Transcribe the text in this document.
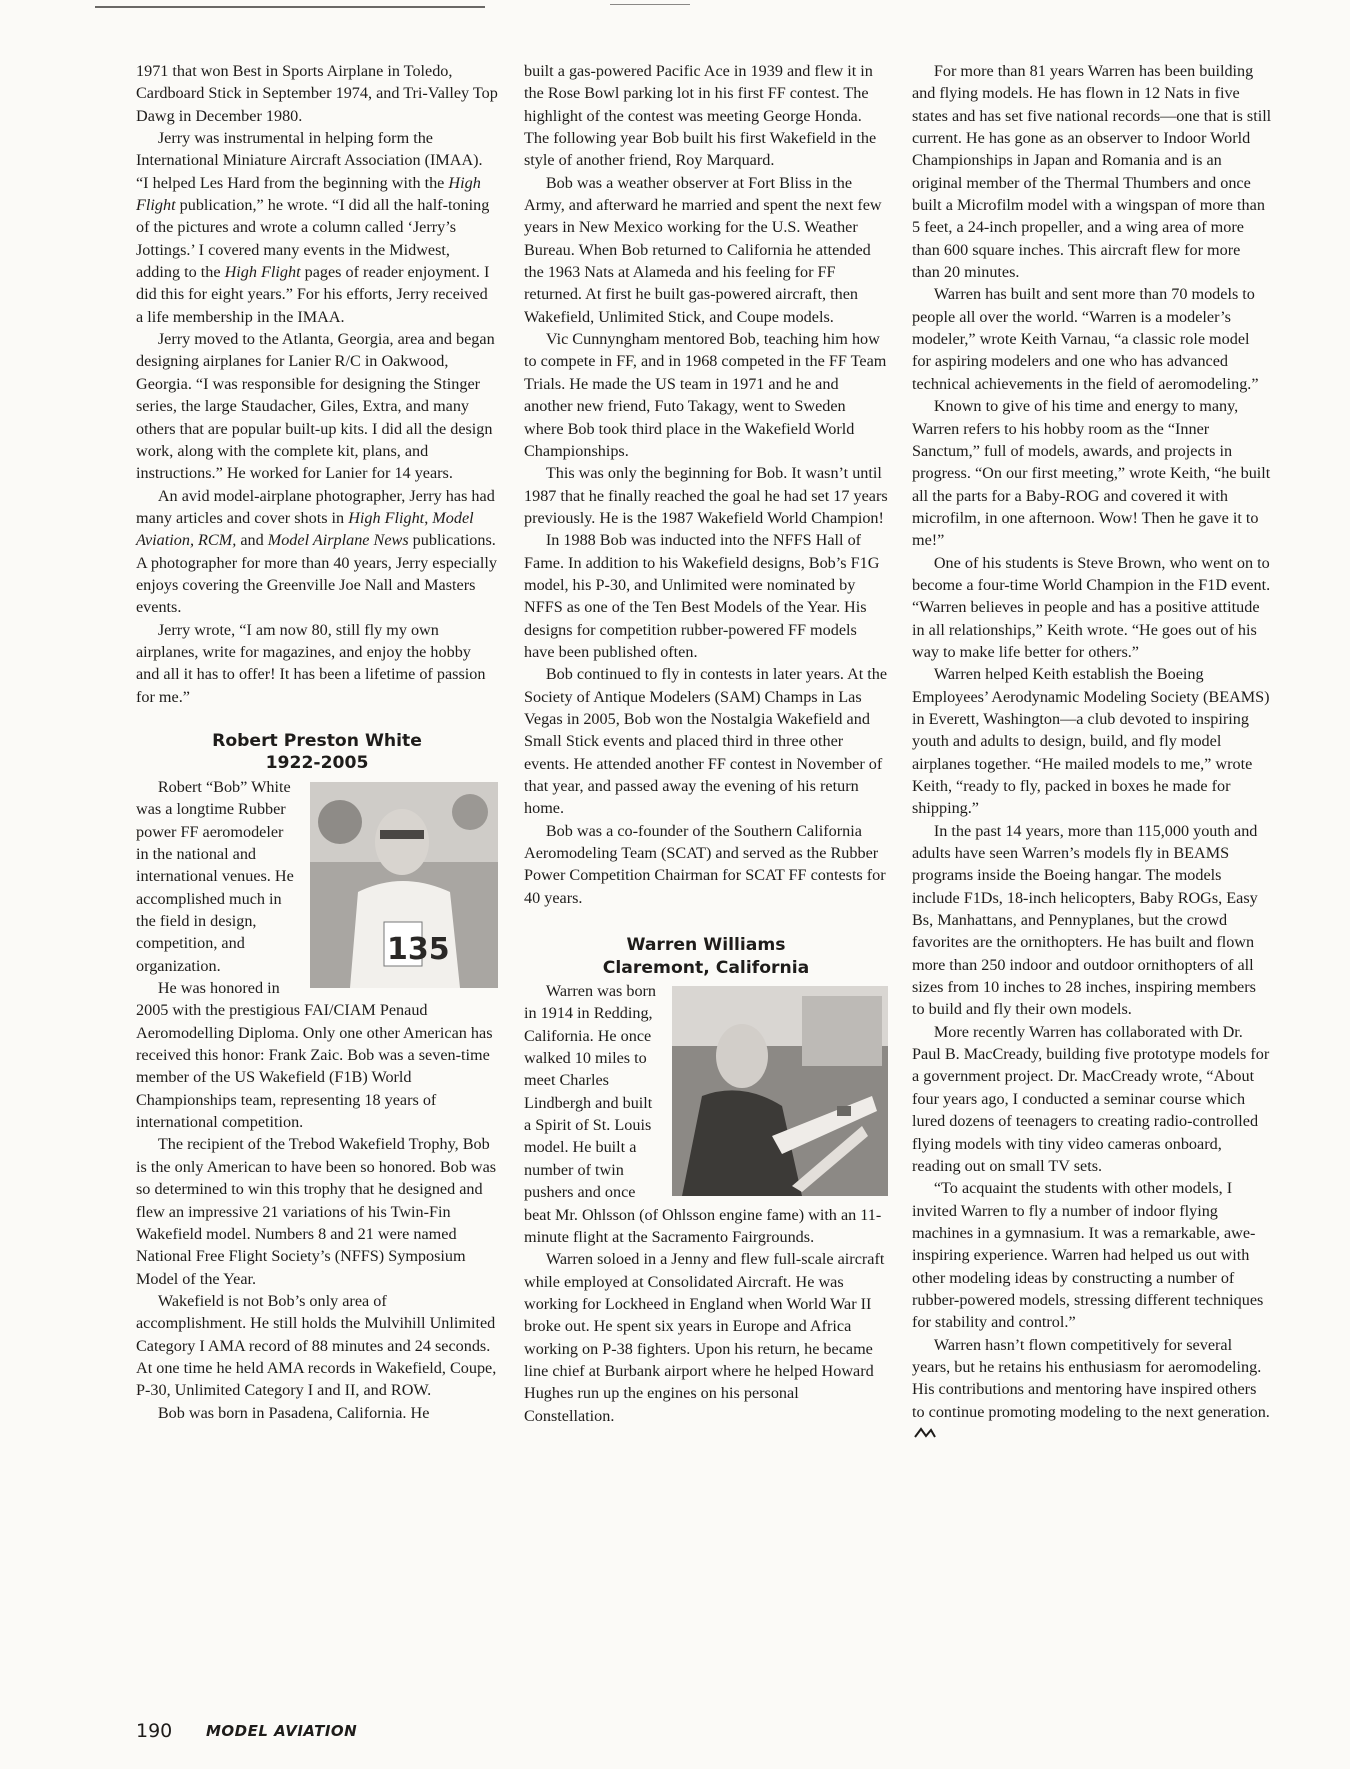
1971 that won Best in Sports Airplane in Toledo, Cardboard Stick in September 1974, and Tri-Valley Top Dawg in December 1980.

Jerry was instrumental in helping form the International Miniature Aircraft Association (IMAA). “I helped Les Hard from the beginning with the High Flight publication,” he wrote. “I did all the half-toning of the pictures and wrote a column called ‘Jerry’s Jottings.’ I covered many events in the Midwest, adding to the High Flight pages of reader enjoyment. I did this for eight years.” For his efforts, Jerry received a life membership in the IMAA.

Jerry moved to the Atlanta, Georgia, area and began designing airplanes for Lanier R/C in Oakwood, Georgia. “I was responsible for designing the Stinger series, the large Staudacher, Giles, Extra, and many others that are popular built-up kits. I did all the design work, along with the complete kit, plans, and instructions.” He worked for Lanier for 14 years.

An avid model-airplane photographer, Jerry has had many articles and cover shots in High Flight, Model Aviation, RCM, and Model Airplane News publications. A photographer for more than 40 years, Jerry especially enjoys covering the Greenville Joe Nall and Masters events.

Jerry wrote, “I am now 80, still fly my own airplanes, write for magazines, and enjoy the hobby and all it has to offer! It has been a lifetime of passion for me.”

Robert Preston White
1922-2005
135

Robert “Bob” White was a longtime Rubber power FF aeromodeler in the national and international venues. He accomplished much in the field in design, competition, and organization.

He was honored in 2005 with the prestigious FAI/CIAM Penaud Aeromodelling Diploma. Only one other American has received this honor: Frank Zaic. Bob was a seven-time member of the US Wakefield (F1B) World Championships team, representing 18 years of international competition.

The recipient of the Trebod Wakefield Trophy, Bob is the only American to have been so honored. Bob was so determined to win this trophy that he designed and flew an impressive 21 variations of his Twin-Fin Wakefield model. Numbers 8 and 21 were named National Free Flight Society’s (NFFS) Symposium Model of the Year.

Wakefield is not Bob’s only area of accomplishment. He still holds the Mulvihill Unlimited Category I AMA record of 88 minutes and 24 seconds. At one time he held AMA records in Wakefield, Coupe, P-30, Unlimited Category I and II, and ROW.

Bob was born in Pasadena, California. He

built a gas-powered Pacific Ace in 1939 and flew it in the Rose Bowl parking lot in his first FF contest. The highlight of the contest was meeting George Honda. The following year Bob built his first Wakefield in the style of another friend, Roy Marquard.

Bob was a weather observer at Fort Bliss in the Army, and afterward he married and spent the next few years in New Mexico working for the U.S. Weather Bureau. When Bob returned to California he attended the 1963 Nats at Alameda and his feeling for FF returned. At first he built gas-powered aircraft, then Wakefield, Unlimited Stick, and Coupe models.

Vic Cunnyngham mentored Bob, teaching him how to compete in FF, and in 1968 competed in the FF Team Trials. He made the US team in 1971 and he and another new friend, Futo Takagy, went to Sweden where Bob took third place in the Wakefield World Championships.

This was only the beginning for Bob. It wasn’t until 1987 that he finally reached the goal he had set 17 years previously. He is the 1987 Wakefield World Champion!

In 1988 Bob was inducted into the NFFS Hall of Fame. In addition to his Wakefield designs, Bob’s F1G model, his P-30, and Unlimited were nominated by NFFS as one of the Ten Best Models of the Year. His designs for competition rubber-powered FF models have been published often.

Bob continued to fly in contests in later years. At the Society of Antique Modelers (SAM) Champs in Las Vegas in 2005, Bob won the Nostalgia Wakefield and Small Stick events and placed third in three other events. He attended another FF contest in November of that year, and passed away the evening of his return home.

Bob was a co-founder of the Southern California Aeromodeling Team (SCAT) and served as the Rubber Power Competition Chairman for SCAT FF contests for 40 years.

Warren Williams
Claremont, California

Warren was born in 1914 in Redding, California. He once walked 10 miles to meet Charles Lindbergh and built a Spirit of St. Louis model. He built a number of twin pushers and once beat Mr. Ohlsson (of Ohlsson engine fame) with an 11-minute flight at the Sacramento Fairgrounds.

Warren soloed in a Jenny and flew full-scale aircraft while employed at Consolidated Aircraft. He was working for Lockheed in England when World War II broke out. He spent six years in Europe and Africa working on P-38 fighters. Upon his return, he became line chief at Burbank airport where he helped Howard Hughes run up the engines on his personal Constellation.

For more than 81 years Warren has been building and flying models. He has flown in 12 Nats in five states and has set five national records—one that is still current. He has gone as an observer to Indoor World Championships in Japan and Romania and is an original member of the Thermal Thumbers and once built a Microfilm model with a wingspan of more than 5 feet, a 24-inch propeller, and a wing area of more than 600 square inches. This aircraft flew for more than 20 minutes.

Warren has built and sent more than 70 models to people all over the world. “Warren is a modeler’s modeler,” wrote Keith Varnau, “a classic role model for aspiring modelers and one who has advanced technical achievements in the field of aeromodeling.”

Known to give of his time and energy to many, Warren refers to his hobby room as the “Inner Sanctum,” full of models, awards, and projects in progress. “On our first meeting,” wrote Keith, “he built all the parts for a Baby-ROG and covered it with microfilm, in one afternoon. Wow! Then he gave it to me!”

One of his students is Steve Brown, who went on to become a four-time World Champion in the F1D event. “Warren believes in people and has a positive attitude in all relationships,” Keith wrote. “He goes out of his way to make life better for others.”

Warren helped Keith establish the Boeing Employees’ Aerodynamic Modeling Society (BEAMS) in Everett, Washington—a club devoted to inspiring youth and adults to design, build, and fly model airplanes together. “He mailed models to me,” wrote Keith, “ready to fly, packed in boxes he made for shipping.”

In the past 14 years, more than 115,000 youth and adults have seen Warren’s models fly in BEAMS programs inside the Boeing hangar. The models include F1Ds, 18-inch helicopters, Baby ROGs, Easy Bs, Manhattans, and Pennyplanes, but the crowd favorites are the ornithopters. He has built and flown more than 250 indoor and outdoor ornithopters of all sizes from 10 inches to 28 inches, inspiring members to build and fly their own models.

More recently Warren has collaborated with Dr. Paul B. MacCready, building five prototype models for a government project. Dr. MacCready wrote, “About four years ago, I conducted a seminar course which lured dozens of teenagers to creating radio-controlled flying models with tiny video cameras onboard, reading out on small TV sets.

“To acquaint the students with other models, I invited Warren to fly a number of indoor flying machines in a gymnasium. It was a remarkable, awe-inspiring experience. Warren had helped us out with other modeling ideas by constructing a number of rubber-powered models, stressing different techniques for stability and control.”

Warren hasn’t flown competitively for several years, but he retains his enthusiasm for aeromodeling. His contributions and mentoring have inspired others to continue promoting modeling to the next generation.

190 MODEL AVIATION
